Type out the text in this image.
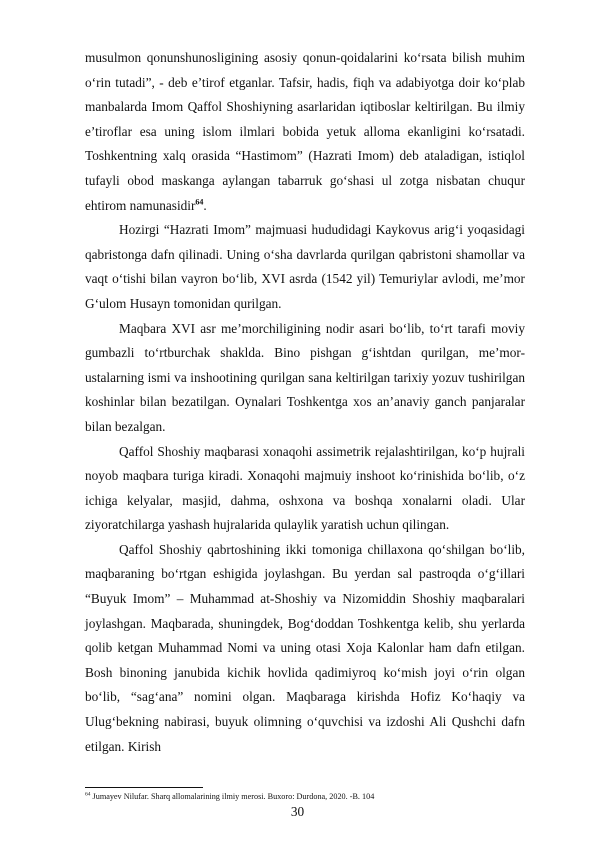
musulmon qonunshunosligining asosiy qonun-qoidalarini ko‘rsata bilish muhim o‘rin tutadi”, - deb e’tirof etganlar. Tafsir, hadis, fiqh va adabiyotga doir ko‘plab manbalarda Imom Qaffol Shoshiyning asarlaridan iqtiboslar keltirilgan. Bu ilmiy e’tiroflar esa uning islom ilmlari bobida yetuk alloma ekanligini ko‘rsatadi. Toshkentning xalq orasida “Hastimom” (Hazrati Imom) deb ataladigan, istiqlol tufayli obod maskanga aylangan tabarruk go‘shasi ul zotga nisbatan chuqur ehtirom namunasidir$^{64}$.

Hozirgi “Hazrati Imom” majmuasi hududidagi Kaykovus arig‘i yoqasidagi qabristonga dafn qilinadi. Uning o‘sha davrlarda qurilgan qabristoni shamollar va vaqt o‘tishi bilan vayron bo‘lib, XVI asrda (1542 yil) Temuriylar avlodi, me’mor G‘ulom Husayn tomonidan qurilgan.

Maqbara XVI asr me’morchiligining nodir asari bo‘lib, to‘rt tarafi moviy gumbazli to‘rtburchak shaklda. Bino pishgan g‘ishtdan qurilgan, me’mor-ustalarning ismi va inshootining qurilgan sana keltirilgan tarixiy yozuv tushirilgan koshinlar bilan bezatilgan. Oynalari Toshkentga xos an’anaviy ganch panjaralar bilan bezalgan.

Qaffol Shoshiy maqbarasi xonaqohi assimetrik rejalashtirilgan, ko‘p hujrali noyob maqbara turiga kiradi. Xonaqohi majmuiy inshoot ko‘rinishida bo‘lib, o‘z ichiga kelyalar, masjid, dahma, oshxona va boshqa xonalarni oladi. Ular ziyoratchilarga yashash hujralarida qulaylik yaratish uchun qilingan.

Qaffol Shoshiy qabrtoshining ikki tomoniga chillaxona qo‘shilgan bo‘lib, maqbaraning bo‘rtgan eshigida joylashgan. Bu yerdan sal pastroqda o‘g‘illari “Buyuk Imom” – Muhammad at-Shoshiy va Nizomiddin Shoshiy maqbaralari joylashgan. Maqbarada, shuningdek, Bog‘doddan Toshkentga kelib, shu yerlarda qolib ketgan Muhammad Nomi va uning otasi Xoja Kalonlar ham dafn etilgan. Bosh binoning janubida kichik hovlida qadimiyroq ko‘mish joyi o‘rin olgan bo‘lib, “sag‘ana” nomini olgan. Maqbaraga kirishda Hofiz Ko‘haqiy va Ulug‘bekning nabirasi, buyuk olimning o‘quvchisi va izdoshi Ali Qushchi dafn etilgan. Kirish

$^{64}$ Jumayev Nilufar. Sharq allomalarining ilmiy merosi. Buxoro: Durdona, 2020. -B. 104
30
